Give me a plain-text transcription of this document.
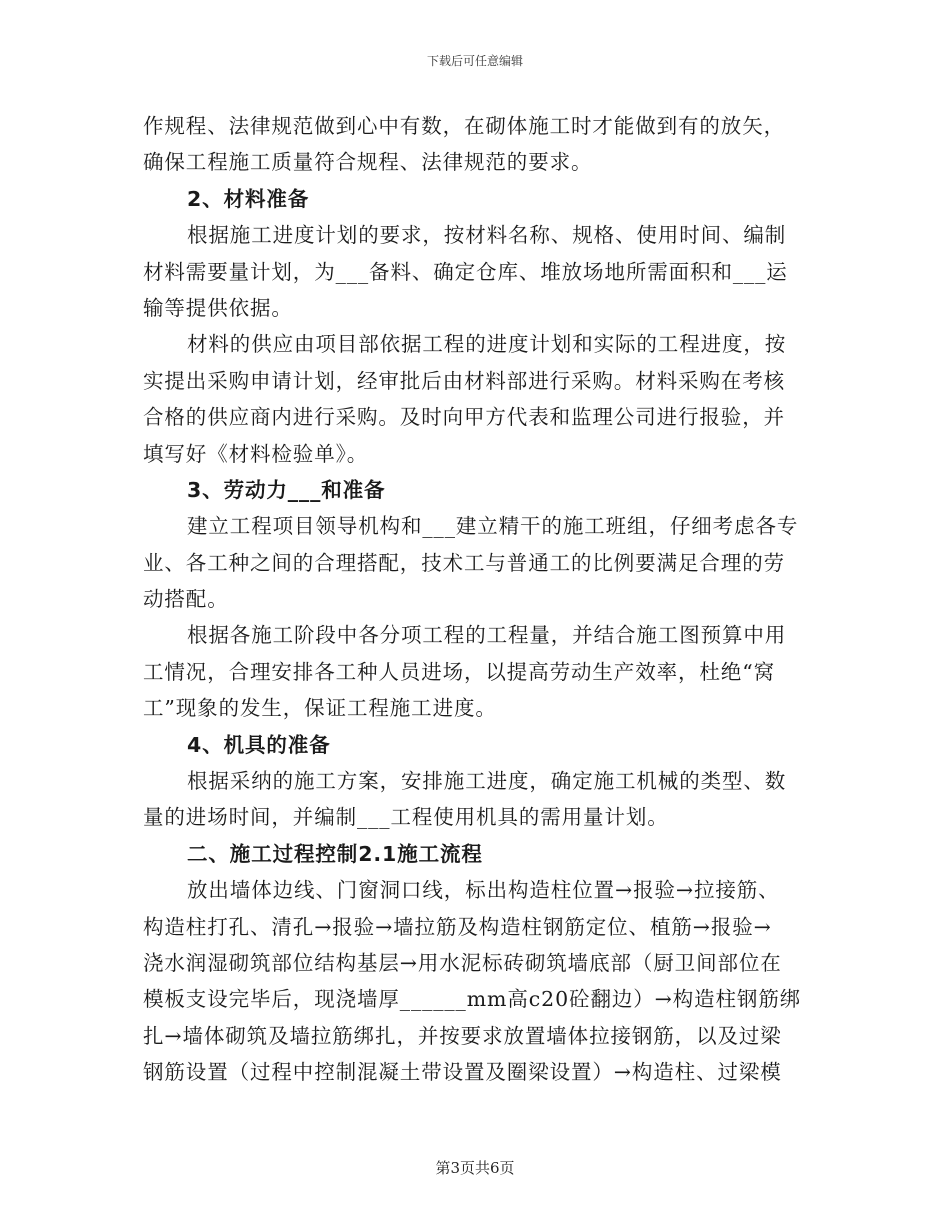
下载后可任意编辑
作规程、法律规范做到心中有数，在砌体施工时才能做到有的放矢，
确保工程施工质量符合规程、法律规范的要求。
2、材料准备
根据施工进度计划的要求，按材料名称、规格、使用时间、编制
材料需要量计划，为___备料、确定仓库、堆放场地所需面积和___运
输等提供依据。
材料的供应由项目部依据工程的进度计划和实际的工程进度，按
实提出采购申请计划，经审批后由材料部进行采购。材料采购在考核
合格的供应商内进行采购。及时向甲方代表和监理公司进行报验，并
填写好《材料检验单》。
3、劳动力___和准备
建立工程项目领导机构和___建立精干的施工班组，仔细考虑各专
业、各工种之间的合理搭配，技术工与普通工的比例要满足合理的劳
动搭配。
根据各施工阶段中各分项工程的工程量，并结合施工图预算中用
工情况，合理安排各工种人员进场，以提高劳动生产效率，杜绝“窝
工”现象的发生，保证工程施工进度。
4、机具的准备
根据采纳的施工方案，安排施工进度，确定施工机械的类型、数
量的进场时间，并编制___工程使用机具的需用量计划。
二、施工过程控制2.1施工流程
放出墙体边线、门窗洞口线，标出构造柱位置→报验→拉接筋、
构造柱打孔、清孔→报验→墙拉筋及构造柱钢筋定位、植筋→报验→
浇水润湿砌筑部位结构基层→用水泥标砖砌筑墙底部（厨卫间部位在
模板支设完毕后，现浇墙厚______mm高c20砼翻边）→构造柱钢筋绑
扎→墙体砌筑及墙拉筋绑扎，并按要求放置墙体拉接钢筋，以及过梁
钢筋设置（过程中控制混凝土带设置及圈梁设置）→构造柱、过梁模
第3页共6页
